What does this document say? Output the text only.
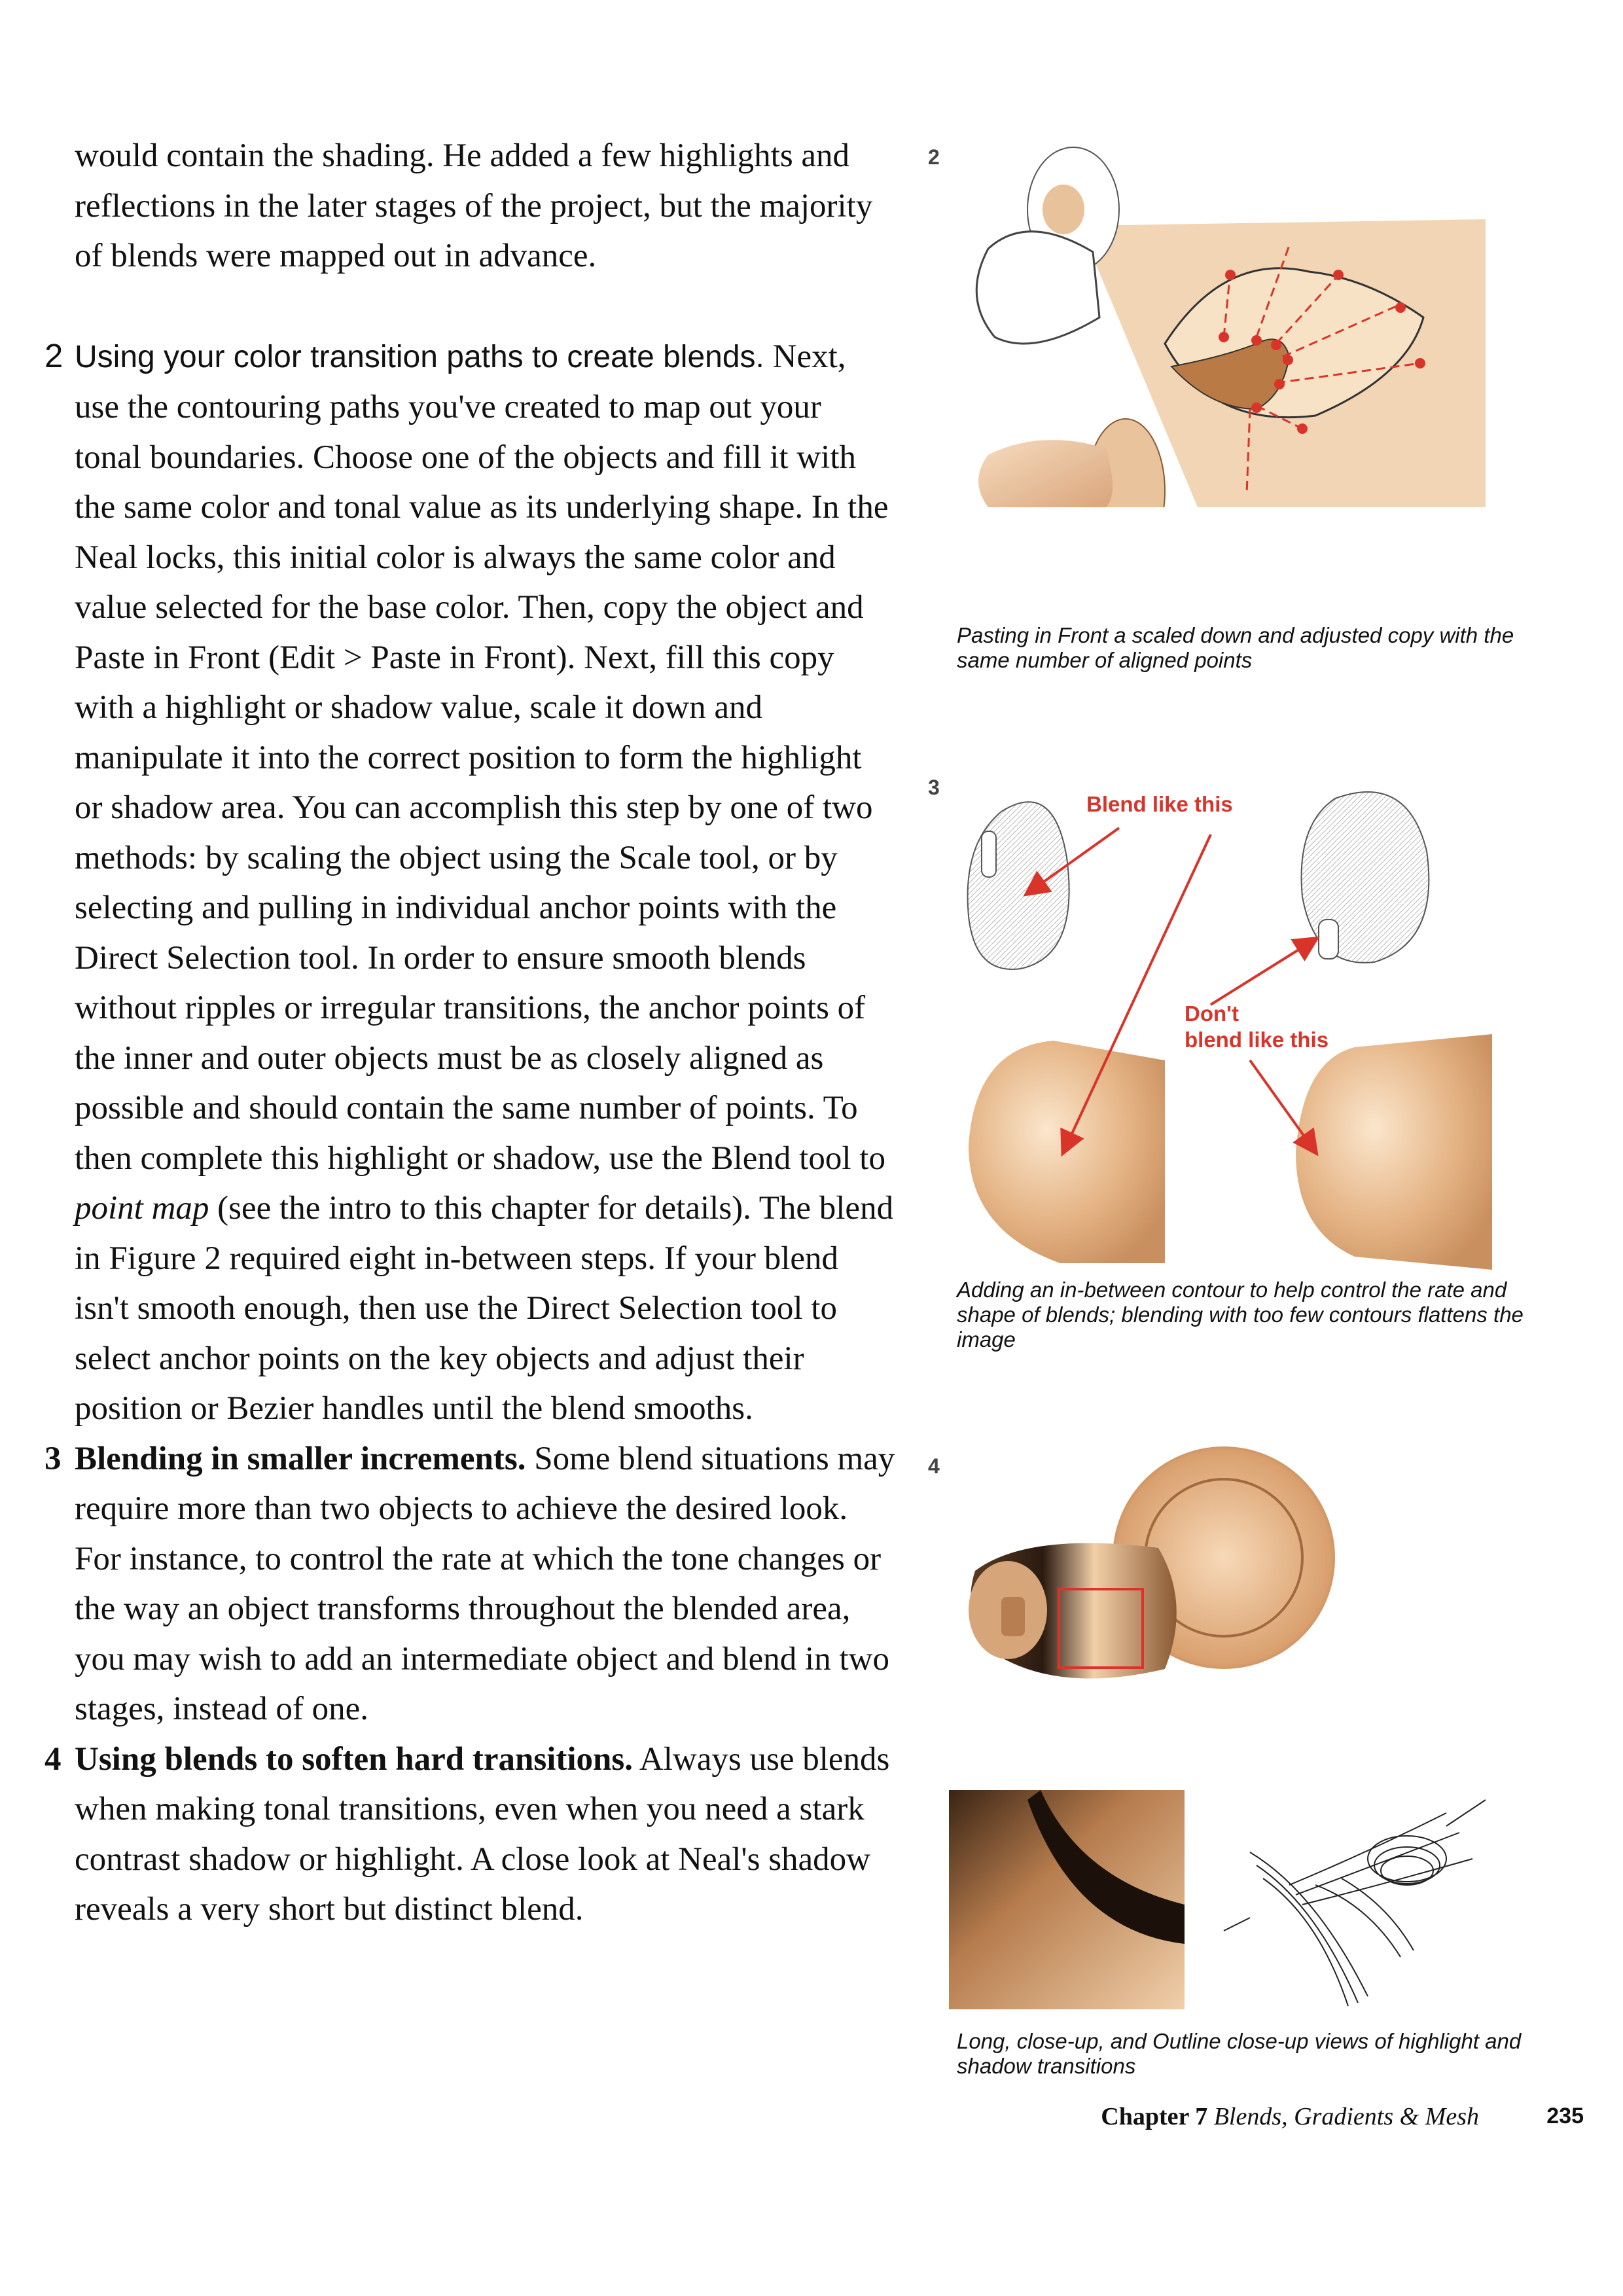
would contain the shading. He added a few highlights and reflections in the later stages of the project, but the majority of blends were mapped out in advance.

2 Using your color transition paths to create blends. Next, use the contouring paths you've created to map out your tonal boundaries. Choose one of the objects and fill it with the same color and tonal value as its underlying shape. In the Neal locks, this initial color is always the same color and value selected for the base color. Then, copy the object and Paste in Front (Edit > Paste in Front). Next, fill this copy with a highlight or shadow value, scale it down and manipulate it into the correct position to form the highlight or shadow area. You can accomplish this step by one of two methods: by scaling the object using the Scale tool, or by selecting and pulling in individual anchor points with the Direct Selection tool. In order to ensure smooth blends without ripples or irregular transitions, the anchor points of the inner and outer objects must be as closely aligned as possible and should contain the same number of points. To then complete this highlight or shadow, use the Blend tool to point map (see the intro to this chapter for details). The blend in Figure 2 required eight in-between steps. If your blend isn't smooth enough, then use the Direct Selection tool to select anchor points on the key objects and adjust their position or Bezier handles until the blend smooths.

3 Blending in smaller increments. Some blend situations may require more than two objects to achieve the desired look. For instance, to control the rate at which the tone changes or the way an object transforms throughout the blended area, you may wish to add an intermediate object and blend in two stages, instead of one.

4 Using blends to soften hard transitions. Always use blends when making tonal transitions, even when you need a stark contrast shadow or highlight. A close look at Neal's shadow reveals a very short but distinct blend.

2
Pasting in Front a scaled down and adjusted copy with the same number of aligned points
3
Blend like this
Don't
blend like this
Adding an in-between contour to help control the rate and shape of blends; blending with too few contours flattens the image
4
Long, close-up, and Outline close-up views of highlight and shadow transitions
Chapter 7 Blends, Gradients & Mesh	235
